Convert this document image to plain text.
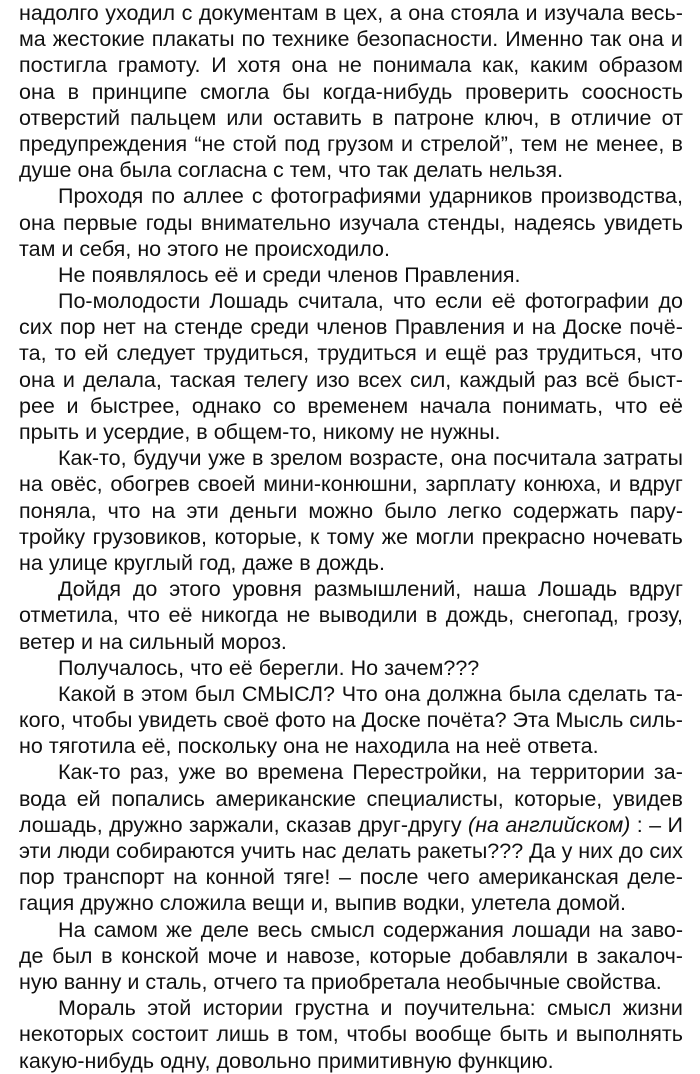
надолго уходил с документам в цех, а она стояла и изучала весь-
ма жестокие плакаты по технике безопасности. Именно так она и
постигла грамоту. И хотя она не понимала как, каким образом
она в принципе смогла бы когда-нибудь проверить соосность
отверстий пальцем или оставить в патроне ключ, в отличие от
предупреждения “не стой под грузом и стрелой”, тем не менее, в
душе она была согласна с тем, что так делать нельзя.
Проходя по аллее с фотографиями ударников производства,
она первые годы внимательно изучала стенды, надеясь увидеть
там и себя, но этого не происходило.
Не появлялось её и среди членов Правления.
По-молодости Лошадь считала, что если её фотографии до
сих пор нет на стенде среди членов Правления и на Доске почё-
та, то ей следует трудиться, трудиться и ещё раз трудиться, что
она и делала, таская телегу изо всех сил, каждый раз всё быст-
рее и быстрее, однако со временем начала понимать, что её
прыть и усердие, в общем-то, никому не нужны.
Как-то, будучи уже в зрелом возрасте, она посчитала затраты
на овёс, обогрев своей мини-конюшни, зарплату конюха, и вдруг
поняла, что на эти деньги можно было легко содержать пару-
тройку грузовиков, которые, к тому же могли прекрасно ночевать
на улице круглый год, даже в дождь.
Дойдя до этого уровня размышлений, наша Лошадь вдруг
отметила, что её никогда не выводили в дождь, снегопад, грозу,
ветер и на сильный мороз.
Получалось, что её берегли. Но зачем???
Какой в этом был СМЫСЛ? Что она должна была сделать та-
кого, чтобы увидеть своё фото на Доске почёта? Эта Мысль силь-
но тяготила её, поскольку она не находила на неё ответа.
Как-то раз, уже во времена Перестройки, на территории за-
вода ей попались американские специалисты, которые, увидев
лошадь, дружно заржали, сказав друг-другу (на английском) : – И
эти люди собираются учить нас делать ракеты??? Да у них до сих
пор транспорт на конной тяге! – после чего американская деле-
гация дружно сложила вещи и, выпив водки, улетела домой.
На самом же деле весь смысл содержания лошади на заво-
де был в конской моче и навозе, которые добавляли в закалоч-
ную ванну и сталь, отчего та приобретала необычные свойства.
Мораль этой истории грустна и поучительна: смысл жизни
некоторых состоит лишь в том, чтобы вообще быть и выполнять
какую-нибудь одну, довольно примитивную функцию.
